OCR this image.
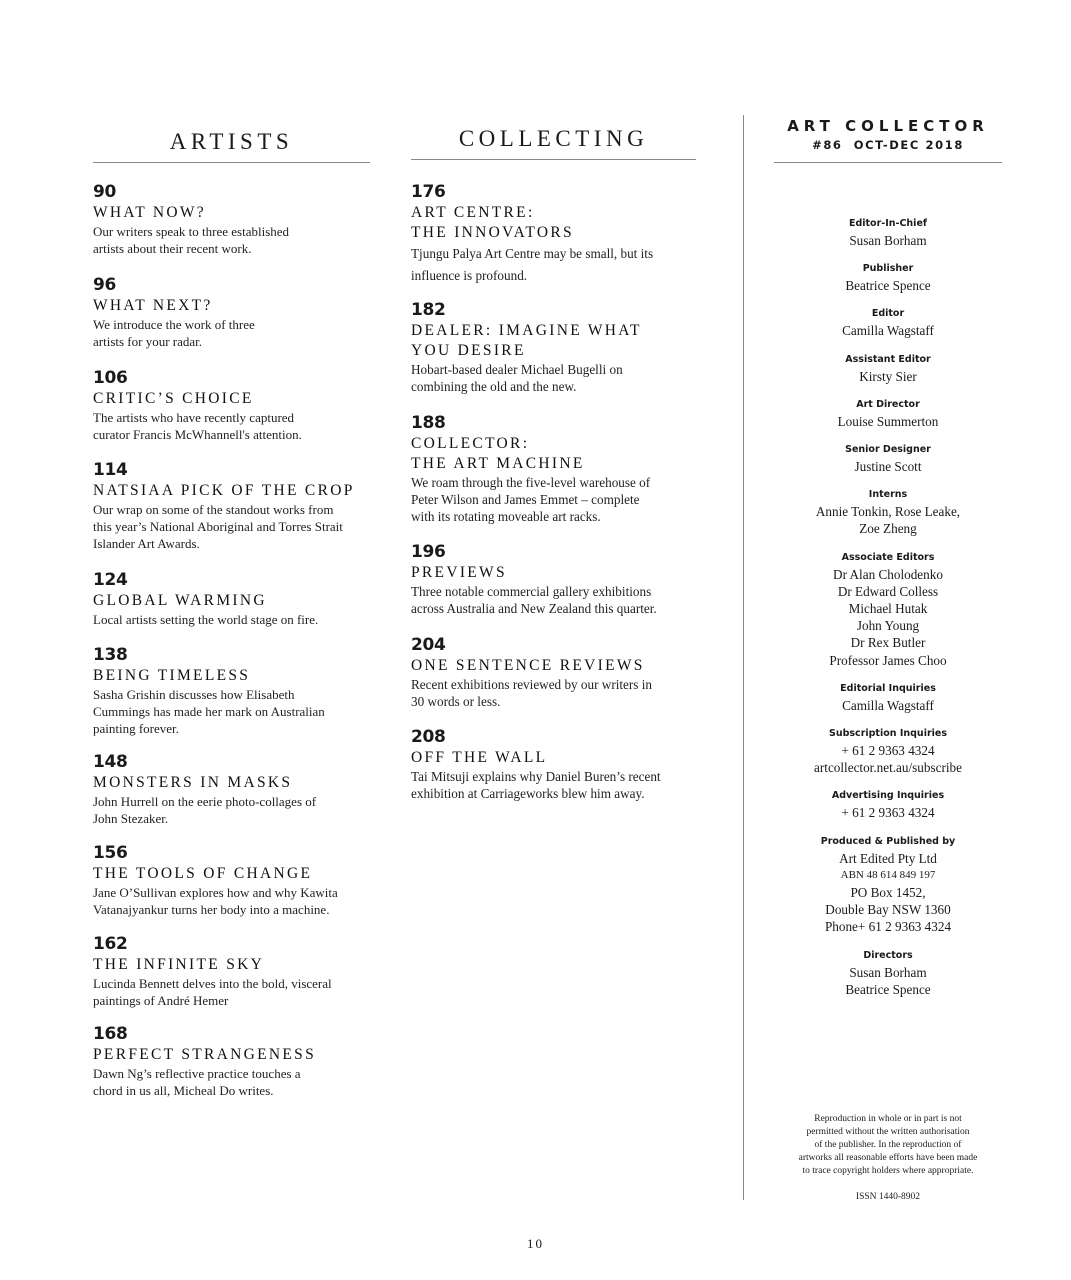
ARTISTS
90
WHAT NOW?
Our writers speak to three established
artists about their recent work.
96
WHAT NEXT?
We introduce the work of three
artists for your radar.
106
CRITIC’S CHOICE
The artists who have recently captured
curator Francis McWhannell's attention.
114
NATSIAA PICK OF THE CROP
Our wrap on some of the standout works from
this year’s National Aboriginal and Torres Strait
Islander Art Awards.
124
GLOBAL WARMING
Local artists setting the world stage on fire.
138
BEING TIMELESS
Sasha Grishin discusses how Elisabeth
Cummings has made her mark on Australian
painting forever.
148
MONSTERS IN MASKS
John Hurrell on the eerie photo-collages of
John Stezaker.
156
THE TOOLS OF CHANGE
Jane O’Sullivan explores how and why Kawita
Vatanajyankur turns her body into a machine.
162
THE INFINITE SKY
Lucinda Bennett delves into the bold, visceral
paintings of André Hemer
168
PERFECT STRANGENESS
Dawn Ng’s reflective practice touches a
chord in us all, Micheal Do writes.
COLLECTING
176
ART CENTRE:
THE INNOVATORS
Tjungu Palya Art Centre may be small, but its
influence is profound.
182
DEALER: IMAGINE WHAT
YOU DESIRE
Hobart-based dealer Michael Bugelli on
combining the old and the new.
188
COLLECTOR:
THE ART MACHINE
We roam through the five-level warehouse of
Peter Wilson and James Emmet – complete
with its rotating moveable art racks.
196
PREVIEWS
Three notable commercial gallery exhibitions
across Australia and New Zealand this quarter.
204
ONE SENTENCE REVIEWS
Recent exhibitions reviewed by our writers in
30 words or less.
208
OFF THE WALL
Tai Mitsuji explains why Daniel Buren’s recent
exhibition at Carriageworks blew him away.
ART COLLECTOR
#86  OCT-DEC 2018
Editor-In-Chief
Susan Borham
Publisher
Beatrice Spence
Editor
Camilla Wagstaff
Assistant Editor
Kirsty Sier
Art Director
Louise Summerton
Senior Designer
Justine Scott
Interns
Annie Tonkin, Rose Leake,
Zoe Zheng
Associate Editors
Dr Alan Cholodenko
Dr Edward Colless
Michael Hutak
John Young
Dr Rex Butler
Professor James Choo
Editorial Inquiries
Camilla Wagstaff
Subscription Inquiries
+ 61 2 9363 4324
artcollector.net.au/subscribe
Advertising Inquiries
+ 61 2 9363 4324
Produced & Published by
Art Edited Pty Ltd
ABN 48 614 849 197
PO Box 1452,
Double Bay NSW 1360
Phone+ 61 2 9363 4324
Directors
Susan Borham
Beatrice Spence
Reproduction in whole or in part is not
permitted without the written authorisation
of the publisher. In the reproduction of
artworks all reasonable efforts have been made
to trace copyright holders where appropriate.
ISSN 1440-8902
10
